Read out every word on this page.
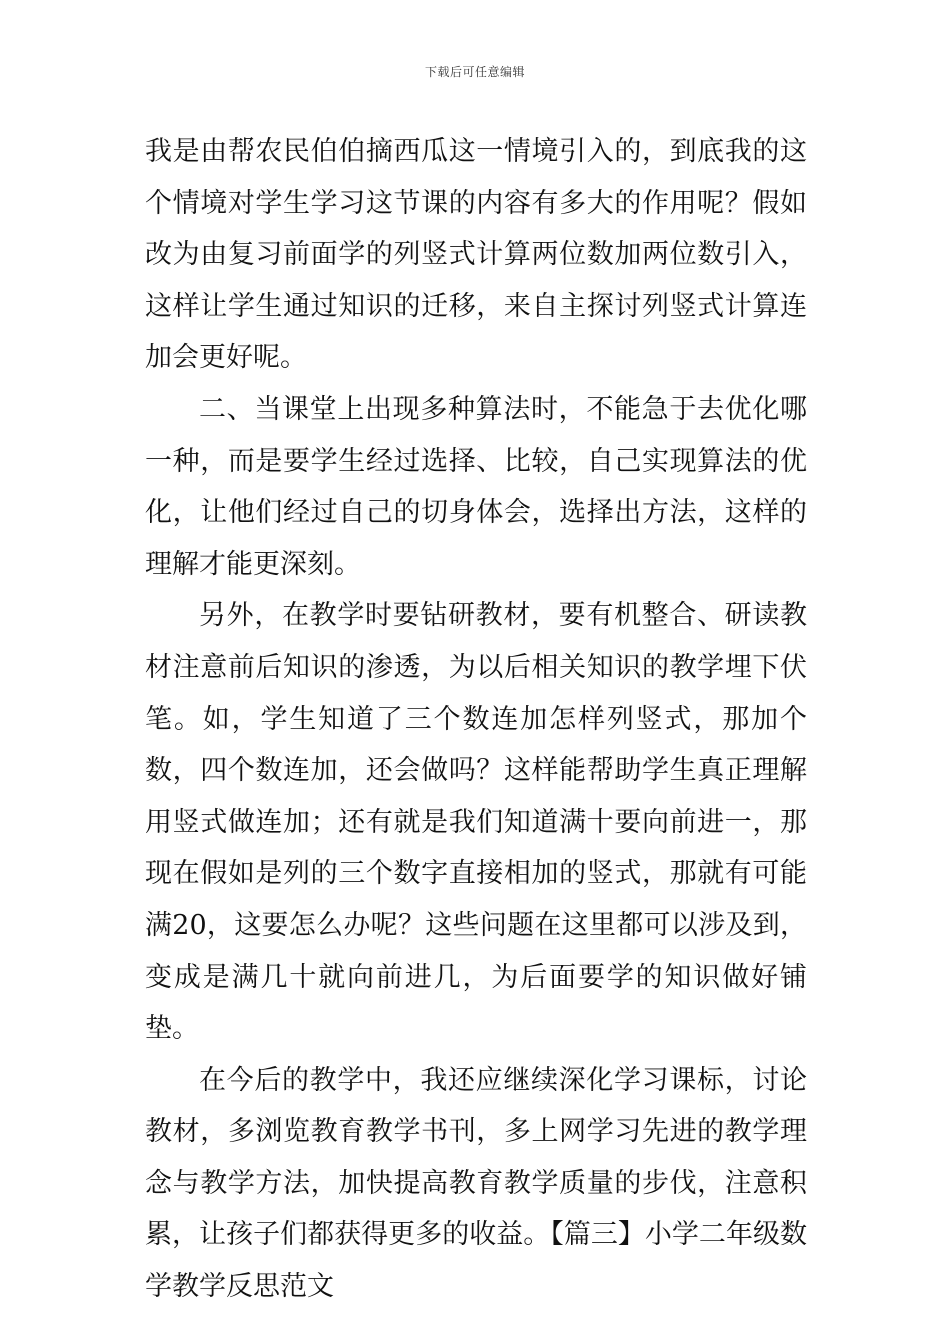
下载后可任意编辑

我是由帮农民伯伯摘西瓜这一情境引入的，到底我的这个情境对学生学习这节课的内容有多大的作用呢？假如改为由复习前面学的列竖式计算两位数加两位数引入，这样让学生通过知识的迁移，来自主探讨列竖式计算连加会更好呢。

二、当课堂上出现多种算法时，不能急于去优化哪一种，而是要学生经过选择、比较，自己实现算法的优化，让他们经过自己的切身体会，选择出方法，这样的理解才能更深刻。

另外，在教学时要钻研教材，要有机整合、研读教材注意前后知识的渗透，为以后相关知识的教学埋下伏笔。如，学生知道了三个数连加怎样列竖式，那加个数，四个数连加，还会做吗？这样能帮助学生真正理解用竖式做连加；还有就是我们知道满十要向前进一，那现在假如是列的三个数字直接相加的竖式，那就有可能满20，这要怎么办呢？这些问题在这里都可以涉及到，变成是满几十就向前进几，为后面要学的知识做好铺垫。

在今后的教学中，我还应继续深化学习课标，讨论教材，多浏览教育教学书刊，多上网学习先进的教学理念与教学方法，加快提高教育教学质量的步伐，注意积累，让孩子们都获得更多的收益。【篇三】小学二年级数学教学反思范文
